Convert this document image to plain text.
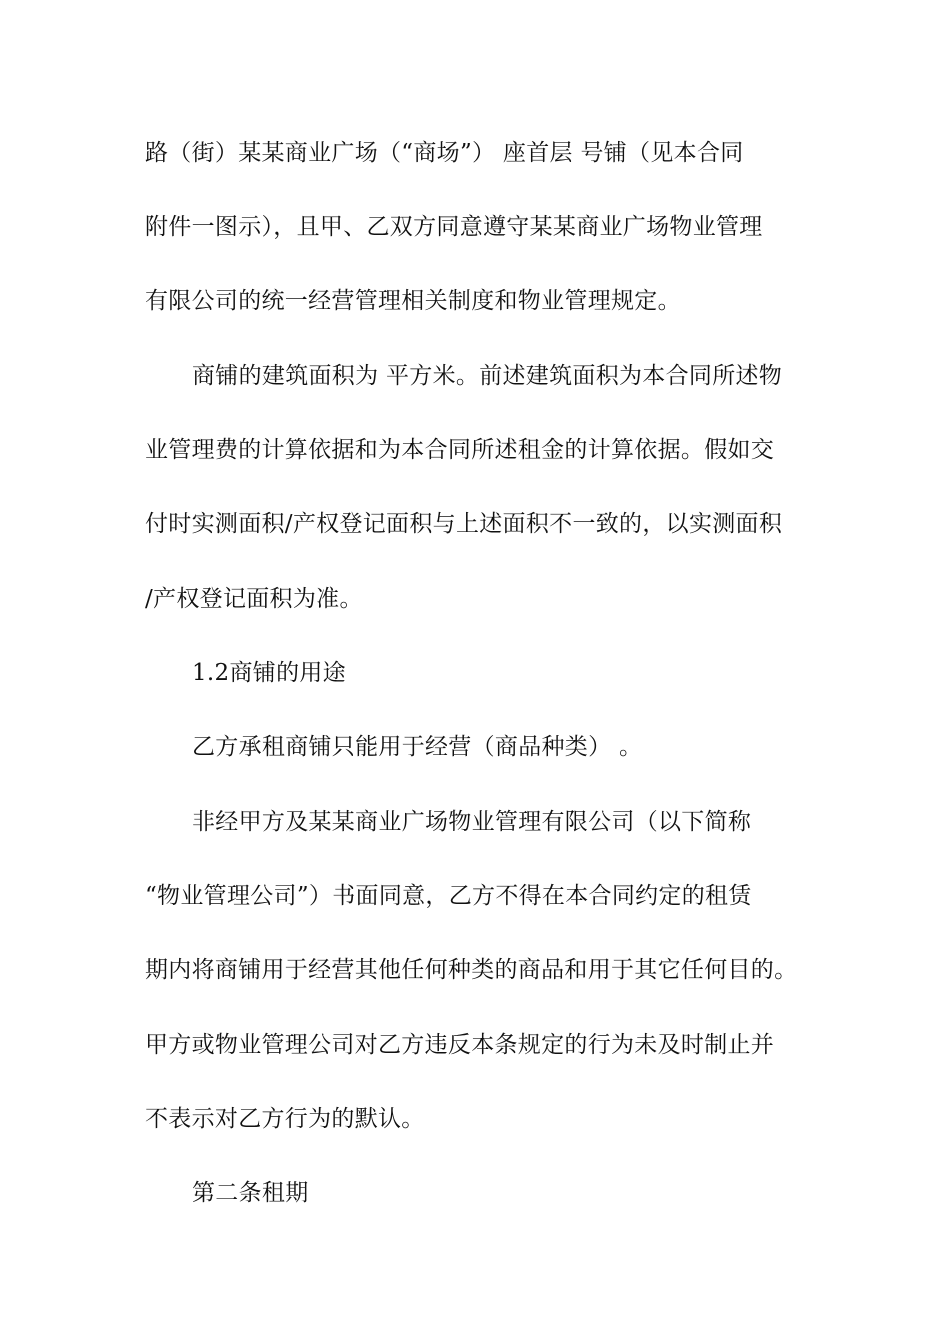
路（街）某某商业广场（“商场”） 座首层 号铺（见本合同
附件一图示），且甲、乙双方同意遵守某某商业广场物业管理
有限公司的统一经营管理相关制度和物业管理规定。
商铺的建筑面积为 平方米。前述建筑面积为本合同所述物
业管理费的计算依据和为本合同所述租金的计算依据。假如交
付时实测面积/产权登记面积与上述面积不一致的，以实测面积
/产权登记面积为准。
1.2商铺的用途
乙方承租商铺只能用于经营（商品种类） 。
非经甲方及某某商业广场物业管理有限公司（以下简称
“物业管理公司”）书面同意，乙方不得在本合同约定的租赁
期内将商铺用于经营其他任何种类的商品和用于其它任何目的。
甲方或物业管理公司对乙方违反本条规定的行为未及时制止并
不表示对乙方行为的默认。
第二条租期
